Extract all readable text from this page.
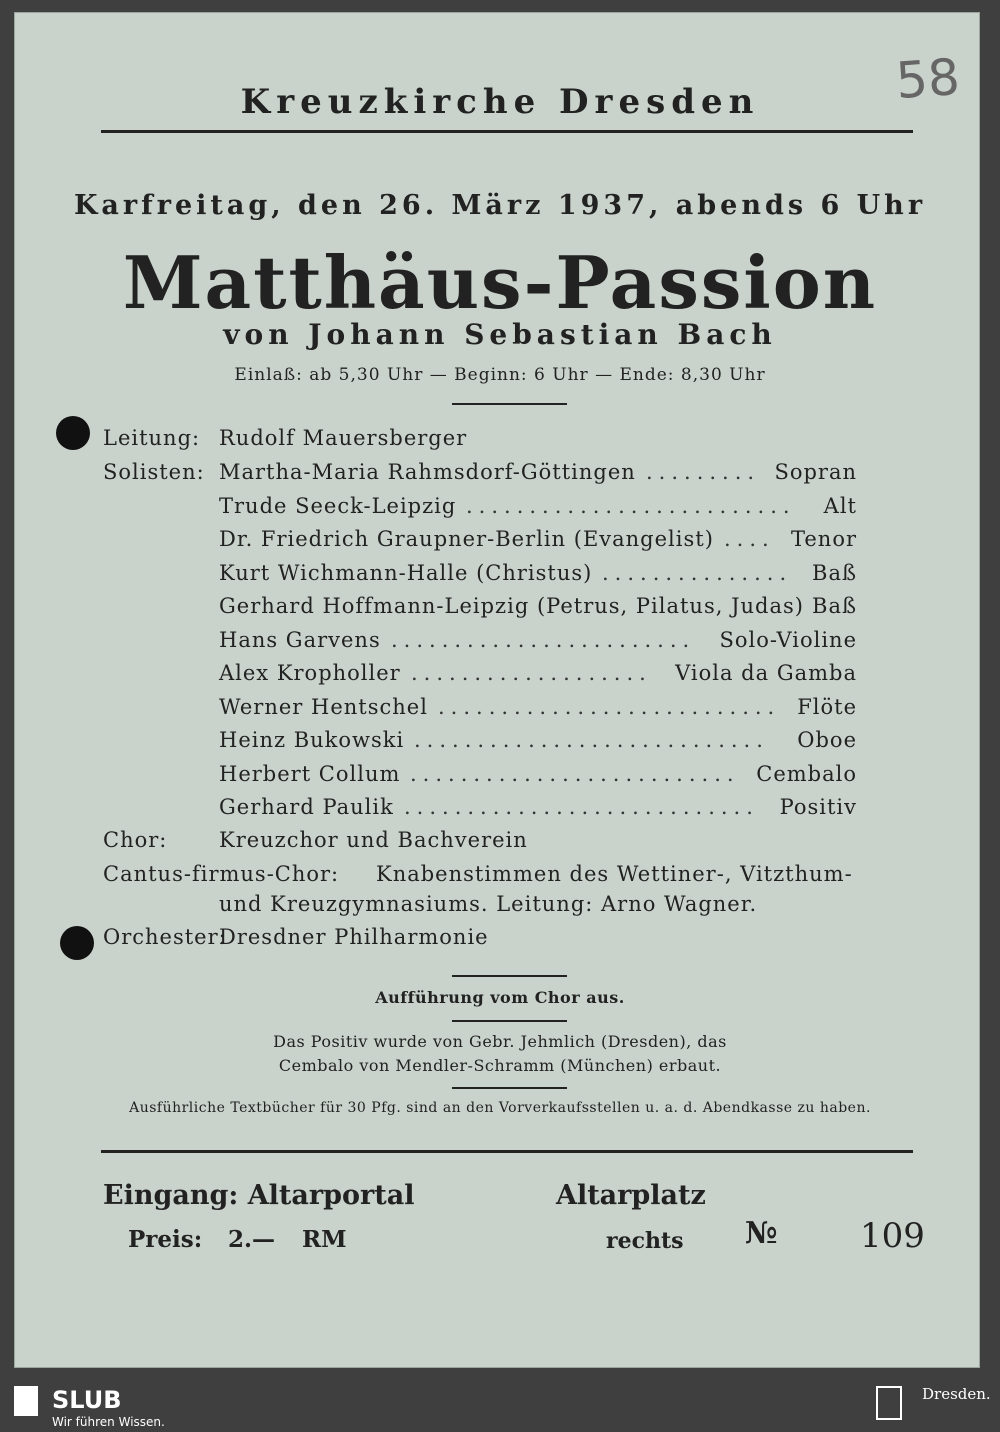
58
Kreuzkirche Dresden
Karfreitag, den 26. März 1937, abends 6 Uhr
Matthäus-Passion
von Johann Sebastian Bach
Einlaß: ab 5,30 Uhr — Beginn: 6 Uhr — Ende: 8,30 Uhr
Leitung: Rudolf Mauersberger
Solisten: Martha-Maria Rahmsdorf-Göttingen ......... Sopran
Trude Seeck-Leipzig ..........................	Alt
Dr. Friedrich Graupner-Berlin (Evangelist) .... Tenor
Kurt Wichmann-Halle (Christus) ............... Baß
Gerhard Hoffmann-Leipzig (Petrus, Pilatus, Judas) Baß
Hans Garvens ........................	Solo-Violine
Alex Kropholler ...................	Viola da Gamba
Werner Hentschel ........................... Flöte
Heinz Bukowski ............................	Oboe
Herbert Collum .......................... Cembalo
Gerhard Paulik ............................ Positiv
Chor: Kreuzchor und Bachverein
Cantus-firmus-Chor: Knabenstimmen des Wettiner-, Vitzthum-
und Kreuzgymnasiums. Leitung: Arno Wagner.
Orchester:
Dresdner Philharmonie
Aufführung vom Chor aus.
Das Positiv wurde von Gebr. Jehmlich (Dresden), das
Cembalo von Mendler-Schramm (München) erbaut.
Ausführliche Textbücher für 30 Pfg. sind an den Vorverkaufsstellen u. a. d. Abendkasse zu haben.
Eingang: Altarportal
Preis: 2.— RM
Altarplatz
rechts № 109
SLUB
Wir führen Wissen.
Dresden.
